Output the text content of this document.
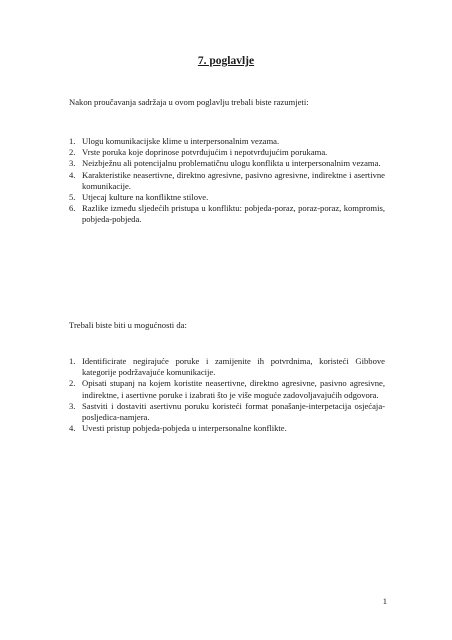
7. poglavlje
Nakon proučavanja sadržaja u ovom poglavlju trebali biste razumjeti:
1. Ulogu komunikacijske klime u interpersonalnim vezama.
2. Vrste poruka koje doprinose potvrđujućim i nepotvrđujućim porukama.
3. Neizbježnu ali potencijalnu problematičnu ulogu konflikta u interpersonalnim vezama.
4. Karakteristike neasertivne, direktno agresivne, pasivno agresivne, indirektne i asertivne komunikacije.
5. Utjecaj kulture na konfliktne stilove.
6. Razlike između sljedećih pristupa u konfliktu: pobjeda-poraz, poraz-poraz, kompromis, pobjeda-pobjeda.
Trebali biste biti u mogućnosti da:
1. Identificirate negirajuće poruke i zamijenite ih potvrdnima, koristeći Gibbove kategorije podržavajuće komunikacije.
2. Opisati stupanj na kojem koristite neasertivne, direktno agresivne, pasivno agresivne, indirektne, i asertivne poruke i izabrati što je više moguće zadovoljavajućih odgovora.
3. Sastviti i dostaviti asertivnu poruku koristeći format ponašanje-interpetacija osjećaja-posljedica-namjera.
4. Uvesti pristup pobjeda-pobjeda u interpersonalne konflikte.
1
